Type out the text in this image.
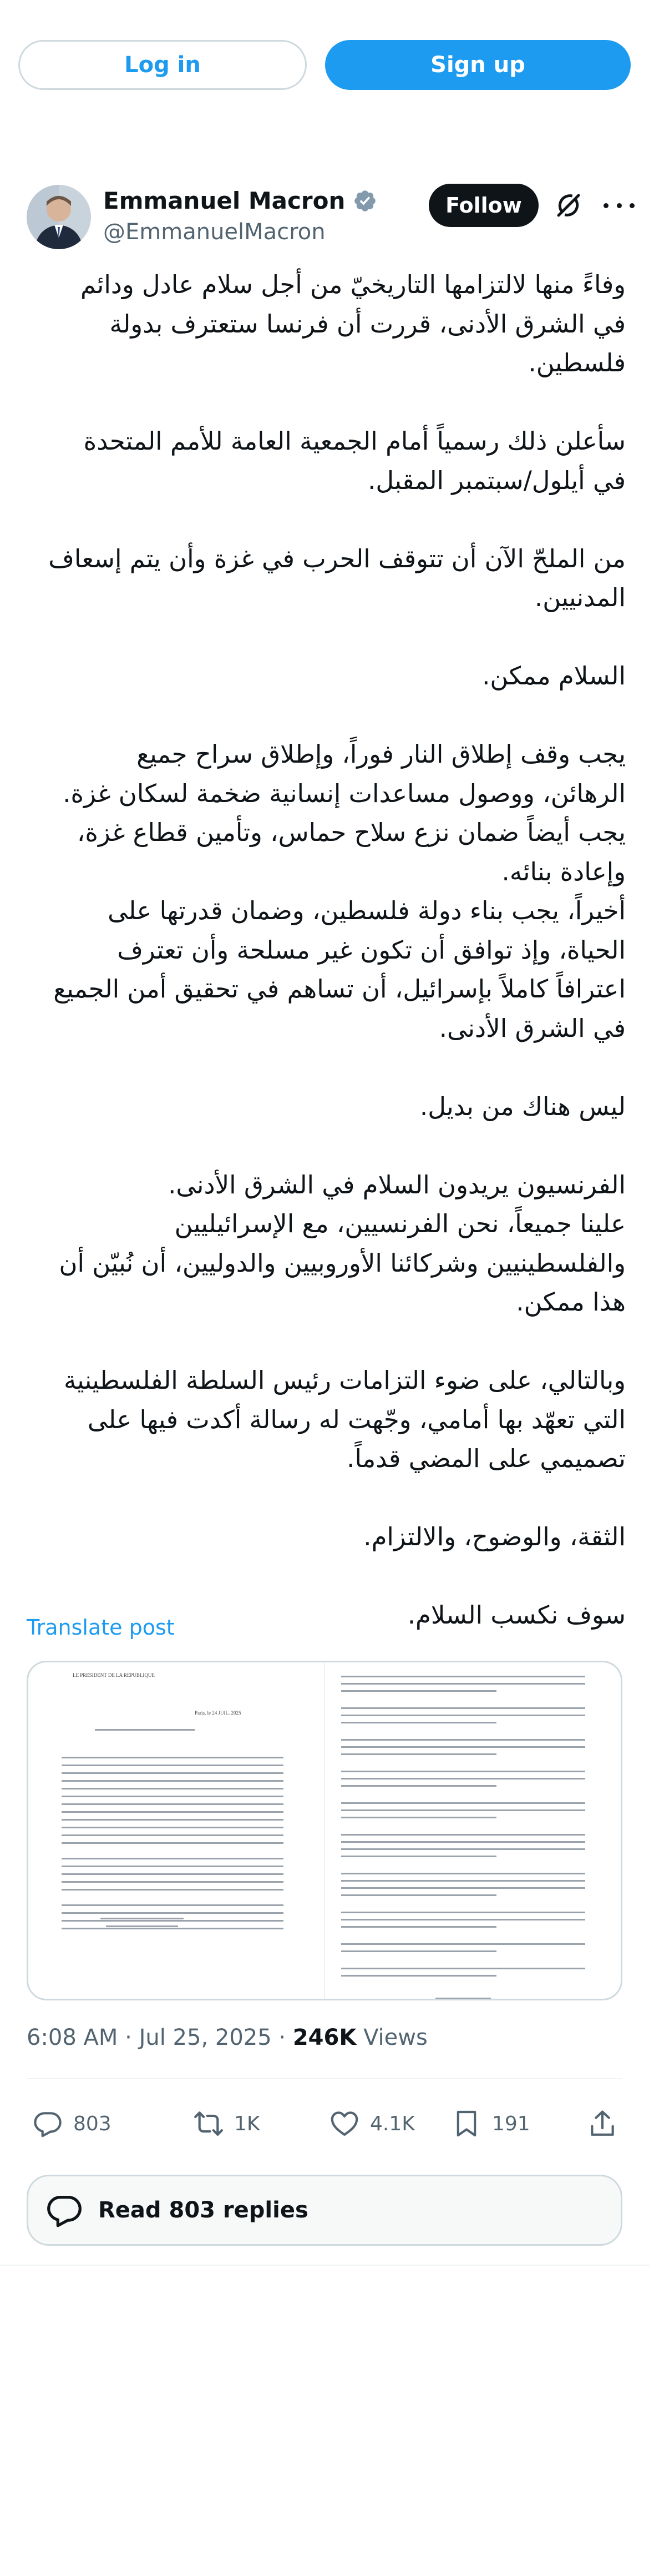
Log in	Sign up
Emmanuel Macron
@EmmanuelMacron
Follow

وفاءً منها لالتزامها التاريخيّ من أجل سلام عادل ودائم

في الشرق الأدنى، قررت أن فرنسا ستعترف بدولة

فلسطين.

سأعلن ذلك رسمياً أمام الجمعية العامة للأمم المتحدة

في أيلول/سبتمبر المقبل.

من الملحّ الآن أن تتوقف الحرب في غزة وأن يتم إسعاف

المدنيين.

السلام ممكن.

يجب وقف إطلاق النار فوراً، وإطلاق سراح جميع

الرهائن، ووصول مساعدات إنسانية ضخمة لسكان غزة.

يجب أيضاً ضمان نزع سلاح حماس، وتأمين قطاع غزة،

وإعادة بنائه.

أخيراً، يجب بناء دولة فلسطين، وضمان قدرتها على

الحياة، وإذ توافق أن تكون غير مسلحة وأن تعترف

اعترافاً كاملاً بإسرائيل، أن تساهم في تحقيق أمن الجميع

في الشرق الأدنى.

ليس هناك من بديل.

الفرنسيون يريدون السلام في الشرق الأدنى.

علينا جميعاً، نحن الفرنسيين، مع الإسرائيليين

والفلسطينيين وشركائنا الأوروبيين والدوليين، أن نُبيّن أن

هذا ممكن.

وبالتالي، على ضوء التزامات رئيس السلطة الفلسطينية

التي تعهّد بها أمامي، وجّهت له رسالة أكدت فيها على

تصميمي على المضي قدماً.

الثقة، والوضوح، والالتزام.

سوف نكسب السلام.

Translate post
LE PRESIDENT DE LA REPUBLIQUE
Paris, le 24 JUIL. 2025
6:08 AM · Jul 25, 2025 · 246K Views
803	1K	4.1K	191
Read 803 replies
